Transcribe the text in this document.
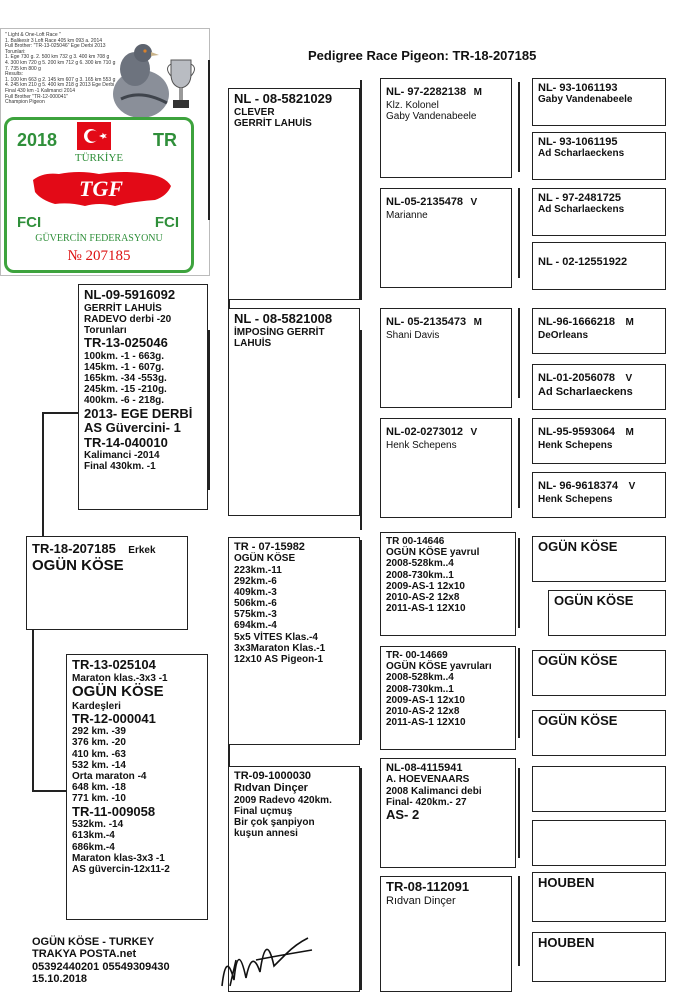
Pedigree Race Pigeon: TR-18-207185
" Light & One-Loft Race "
1. Balikesir 3 Loft Race 405 km 093 a. 2014
Full Brother: "TR-13-025046" Ege Derbi 2013
Torunlari:
1. Ege 730 g. 2. 500 km 732 g 3. 400 km 708 g
4. 300 km 720 g 5. 200 km 712 g 6. 300 km 710 g
7. 735 km 800 g
Results:
1. 100 km 663 g 2. 145 km 607 g 3. 165 km 553 g
4. 245 km 210 g 5. 400 km 218 g 2013 Ege Derbi
Final 430 km -1 Kalimanci 2014
Full Brother "TR-12-000041"
Champion Pigeon
2018	TR
TÜRKİYE
TGF
FCI	FCI
GÜVERCİN FEDERASYONU
№ 207185
TR-18-207185 Erkek
OGÜN KÖSE
NL-09-5916092
GERRİT LAHUİS
RADEVO derbi -20
Torunları
TR-13-025046
100km. -1 - 663g.
145km. -1 - 607g.
165km. -34 -553g.
245km. -15 -210g.
400km. -6 - 218g.
2013- EGE DERBİ
AS Güvercini- 1
TR-14-040010
Kalimanci -2014
Final 430km. -1
TR-13-025104
Maraton klas.-3x3 -1
OGÜN KÖSE
Kardeşleri
TR-12-000041
292 km. -39
376 km. -20
410 km. -63
532 km. -14
Orta maraton -4
648 km. -18
771 km. -10
TR-11-009058
532km. -14
613km.-4
686km.-4
Maraton klas-3x3 -1
AS güvercin-12x11-2
NL - 08-5821029
CLEVER
GERRİT LAHUİS
NL - 08-5821008
İMPOSİNG GERRİT
LAHUİS
TR - 07-15982
OGÜN KÖSE
223km.-11
292km.-6
409km.-3
506km.-6
575km.-3
694km.-4
5x5 VİTES Klas.-4
3x3Maraton Klas.-1
12x10 AS Pigeon-1
TR-09-1000030
Rıdvan Dinçer
2009 Radevo 420km.
Final uçmuş
Bir çok şanpiyon
kuşun annesi
NL- 97-2282138 M
Klz. Kolonel
Gaby Vandenabeele
NL-05-2135478 V
Marianne
NL- 05-2135473 M
Shani Davis
NL-02-0273012 V
Henk Schepens
TR 00-14646
OGÜN KÖSE yavrul
2008-528km..4
2008-730km..1
2009-AS-1 12x10
2010-AS-2 12x8
2011-AS-1 12X10
TR- 00-14669
OGÜN KÖSE yavruları
2008-528km..4
2008-730km..1
2009-AS-1 12x10
2010-AS-2 12x8
2011-AS-1 12X10
NL-08-4115941
A. HOEVENAARS
2008 Kalimanci debi
Final- 420km.- 27
AS- 2
TR-08-112091
Rıdvan Dinçer
NL- 93-1061193
Gaby Vandenabeele
NL- 93-1061195
Ad Scharlaeckens
NL - 97-2481725
Ad Scharlaeckens
NL - 02-12551922
NL-96-1666218 M
DeOrleans
NL-01-2056078 V
Ad Scharlaeckens
NL-95-9593064 M
Henk Schepens
NL- 96-9618374 V
Henk Schepens
OGÜN KÖSE
OGÜN KÖSE
OGÜN KÖSE
OGÜN KÖSE
HOUBEN
HOUBEN
OGÜN KÖSE - TURKEY
TRAKYA POSTA.net
05392440201 05549309430
15.10.2018
